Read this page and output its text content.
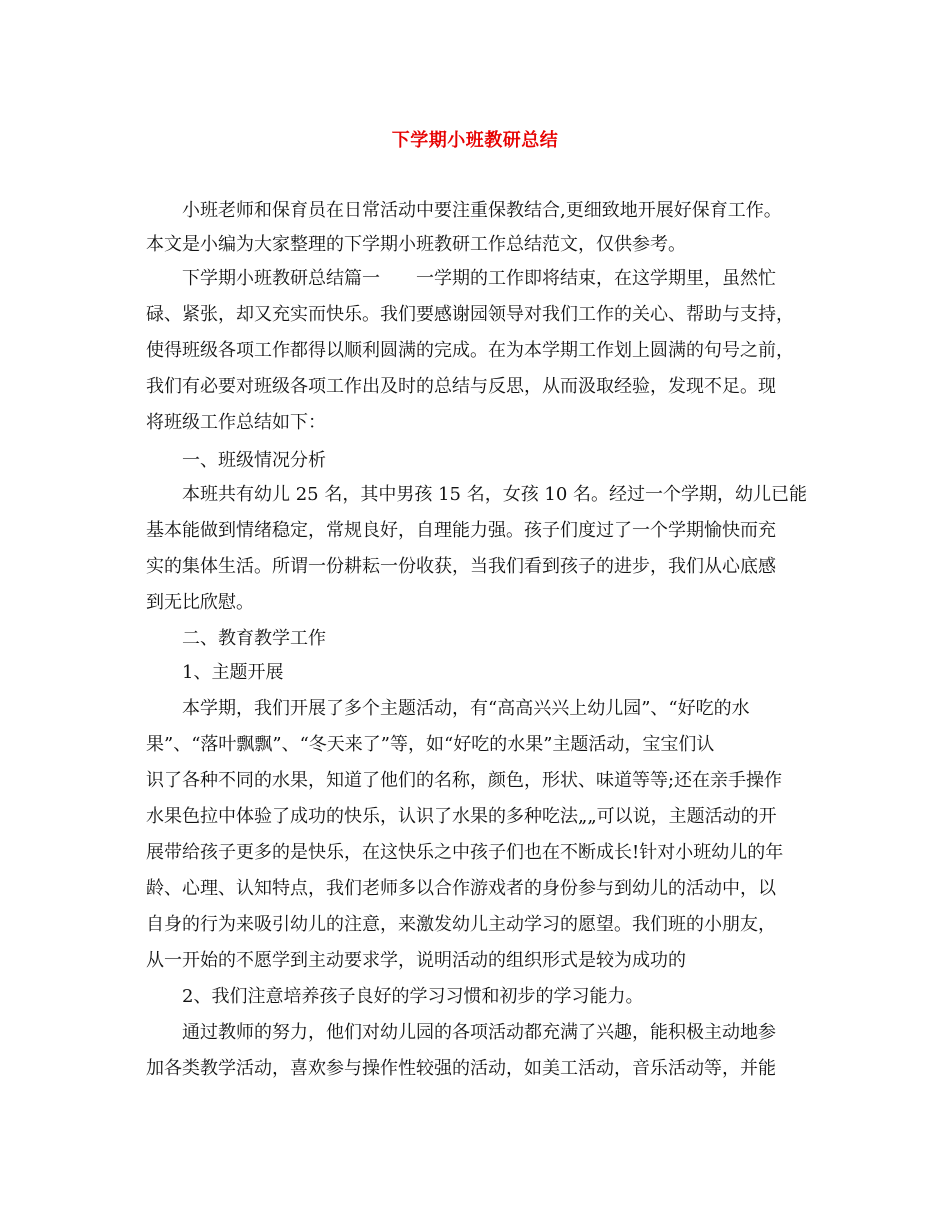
下学期小班教研总结
小班老师和保育员在日常活动中要注重保教结合,更细致地开展好保育工作。
本文是小编为大家整理的下学期小班教研工作总结范文，仅供参考。
下学期小班教研总结篇一　　一学期的工作即将结束，在这学期里，虽然忙
碌、紧张，却又充实而快乐。我们要感谢园领导对我们工作的关心、帮助与支持，
使得班级各项工作都得以顺利圆满的完成。在为本学期工作划上圆满的句号之前，
我们有必要对班级各项工作出及时的总结与反思，从而汲取经验，发现不足。现
将班级工作总结如下：
一、班级情况分析
本班共有幼儿 25 名，其中男孩 15 名，女孩 10 名。经过一个学期，幼儿已能
基本能做到情绪稳定，常规良好，自理能力强。孩子们度过了一个学期愉快而充
实的集体生活。所谓一份耕耘一份收获，当我们看到孩子的进步，我们从心底感
到无比欣慰。
二、教育教学工作
1、主题开展
本学期，我们开展了多个主题活动，有“高高兴兴上幼儿园”、“好吃的水
果”、“落叶飘飘”、“冬天来了”等，如“好吃的水果”主题活动，宝宝们认
识了各种不同的水果，知道了他们的名称，颜色，形状、味道等等;还在亲手操作
水果色拉中体验了成功的快乐，认识了水果的多种吃法„„可以说，主题活动的开
展带给孩子更多的是快乐，在这快乐之中孩子们也在不断成长!针对小班幼儿的年
龄、心理、认知特点，我们老师多以合作游戏者的身份参与到幼儿的活动中，以
自身的行为来吸引幼儿的注意，来激发幼儿主动学习的愿望。我们班的小朋友，
从一开始的不愿学到主动要求学，说明活动的组织形式是较为成功的
2、我们注意培养孩子良好的学习习惯和初步的学习能力。
通过教师的努力，他们对幼儿园的各项活动都充满了兴趣，能积极主动地参
加各类教学活动，喜欢参与操作性较强的活动，如美工活动，音乐活动等，并能
